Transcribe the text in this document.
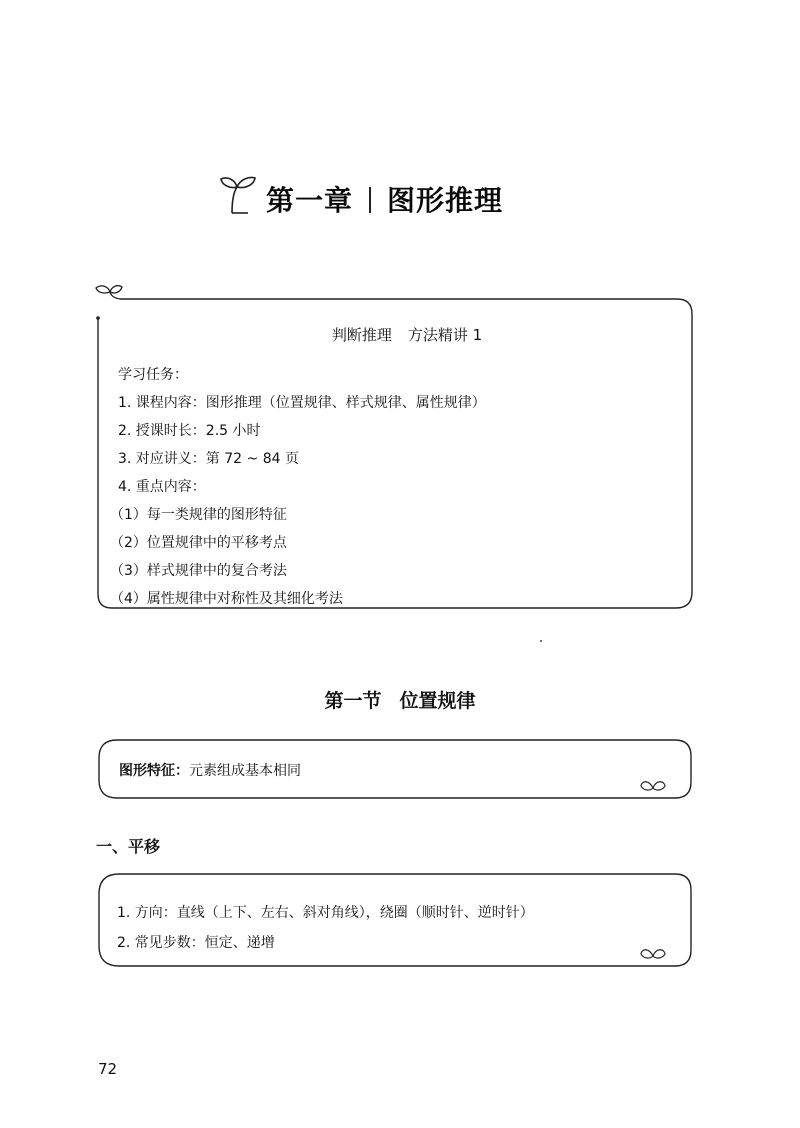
第一章 图形推理
判断推理 方法精讲 1
学习任务：
1. 课程内容：图形推理（位置规律、样式规律、属性规律）
2. 授课时长：2.5 小时
3. 对应讲义：第 72 ~ 84 页
4. 重点内容：
（1）每一类规律的图形特征
（2）位置规律中的平移考点
（3）样式规律中的复合考法
（4）属性规律中对称性及其细化考法
第一节 位置规律
图形特征：元素组成基本相同
一、平移
1. 方向：直线（上下、左右、斜对角线），绕圈（顺时针、逆时针）
2. 常见步数：恒定、递增
72
